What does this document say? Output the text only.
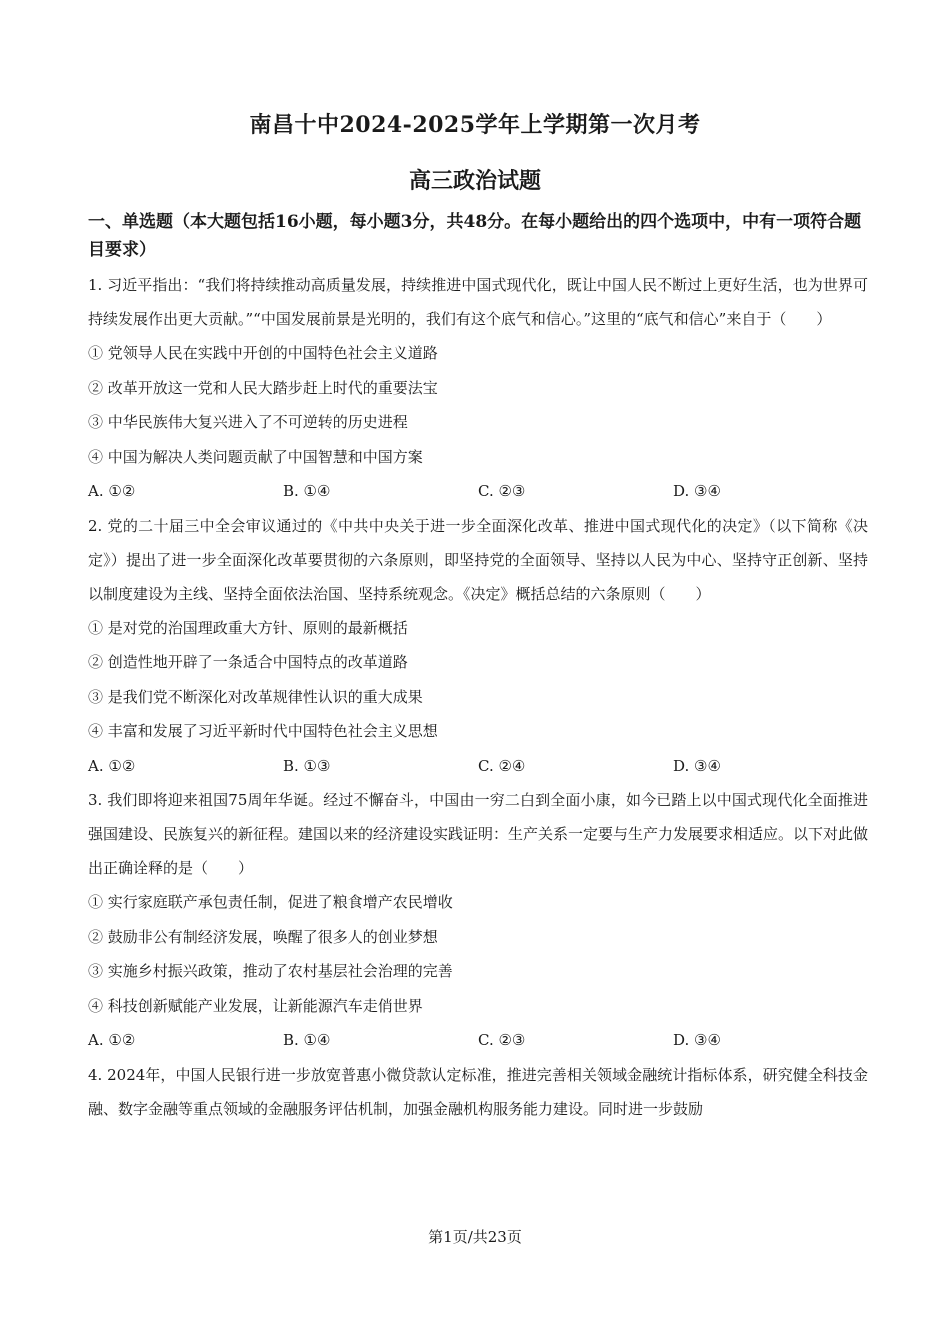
南昌十中2024-2025学年上学期第一次月考
高三政治试题

一、单选题（本大题包括16小题，每小题3分，共48分。在每小题给出的四个选项中，中有一项符合题目要求）

1. 习近平指出：“我们将持续推动高质量发展，持续推进中国式现代化，既让中国人民不断过上更好生活，也为世界可持续发展作出更大贡献。”“中国发展前景是光明的，我们有这个底气和信心。”这里的“底气和信心”来自于（　　）

① 党领导人民在实践中开创的中国特色社会主义道路

② 改革开放这一党和人民大踏步赶上时代的重要法宝

③ 中华民族伟大复兴进入了不可逆转的历史进程

④ 中国为解决人类问题贡献了中国智慧和中国方案

A. ①②	B. ①④	C. ②③	D. ③④

2. 党的二十届三中全会审议通过的《中共中央关于进一步全面深化改革、推进中国式现代化的决定》（以下简称《决定》）提出了进一步全面深化改革要贯彻的六条原则，即坚持党的全面领导、坚持以人民为中心、坚持守正创新、坚持以制度建设为主线、坚持全面依法治国、坚持系统观念。《决定》概括总结的六条原则（　　）

① 是对党的治国理政重大方针、原则的最新概括

② 创造性地开辟了一条适合中国特点的改革道路

③ 是我们党不断深化对改革规律性认识的重大成果

④ 丰富和发展了习近平新时代中国特色社会主义思想

A. ①②	B. ①③	C. ②④	D. ③④

3. 我们即将迎来祖国75周年华诞。经过不懈奋斗，中国由一穷二白到全面小康，如今已踏上以中国式现代化全面推进强国建设、民族复兴的新征程。建国以来的经济建设实践证明：生产关系一定要与生产力发展要求相适应。以下对此做出正确诠释的是（　　）

① 实行家庭联产承包责任制，促进了粮食增产农民增收

② 鼓励非公有制经济发展，唤醒了很多人的创业梦想

③ 实施乡村振兴政策，推动了农村基层社会治理的完善

④ 科技创新赋能产业发展，让新能源汽车走俏世界

A. ①②	B. ①④	C. ②③	D. ③④

4. 2024年，中国人民银行进一步放宽普惠小微贷款认定标准，推进完善相关领域金融统计指标体系，研究健全科技金融、数字金融等重点领域的金融服务评估机制，加强金融机构服务能力建设。同时进一步鼓励

第1页/共23页
